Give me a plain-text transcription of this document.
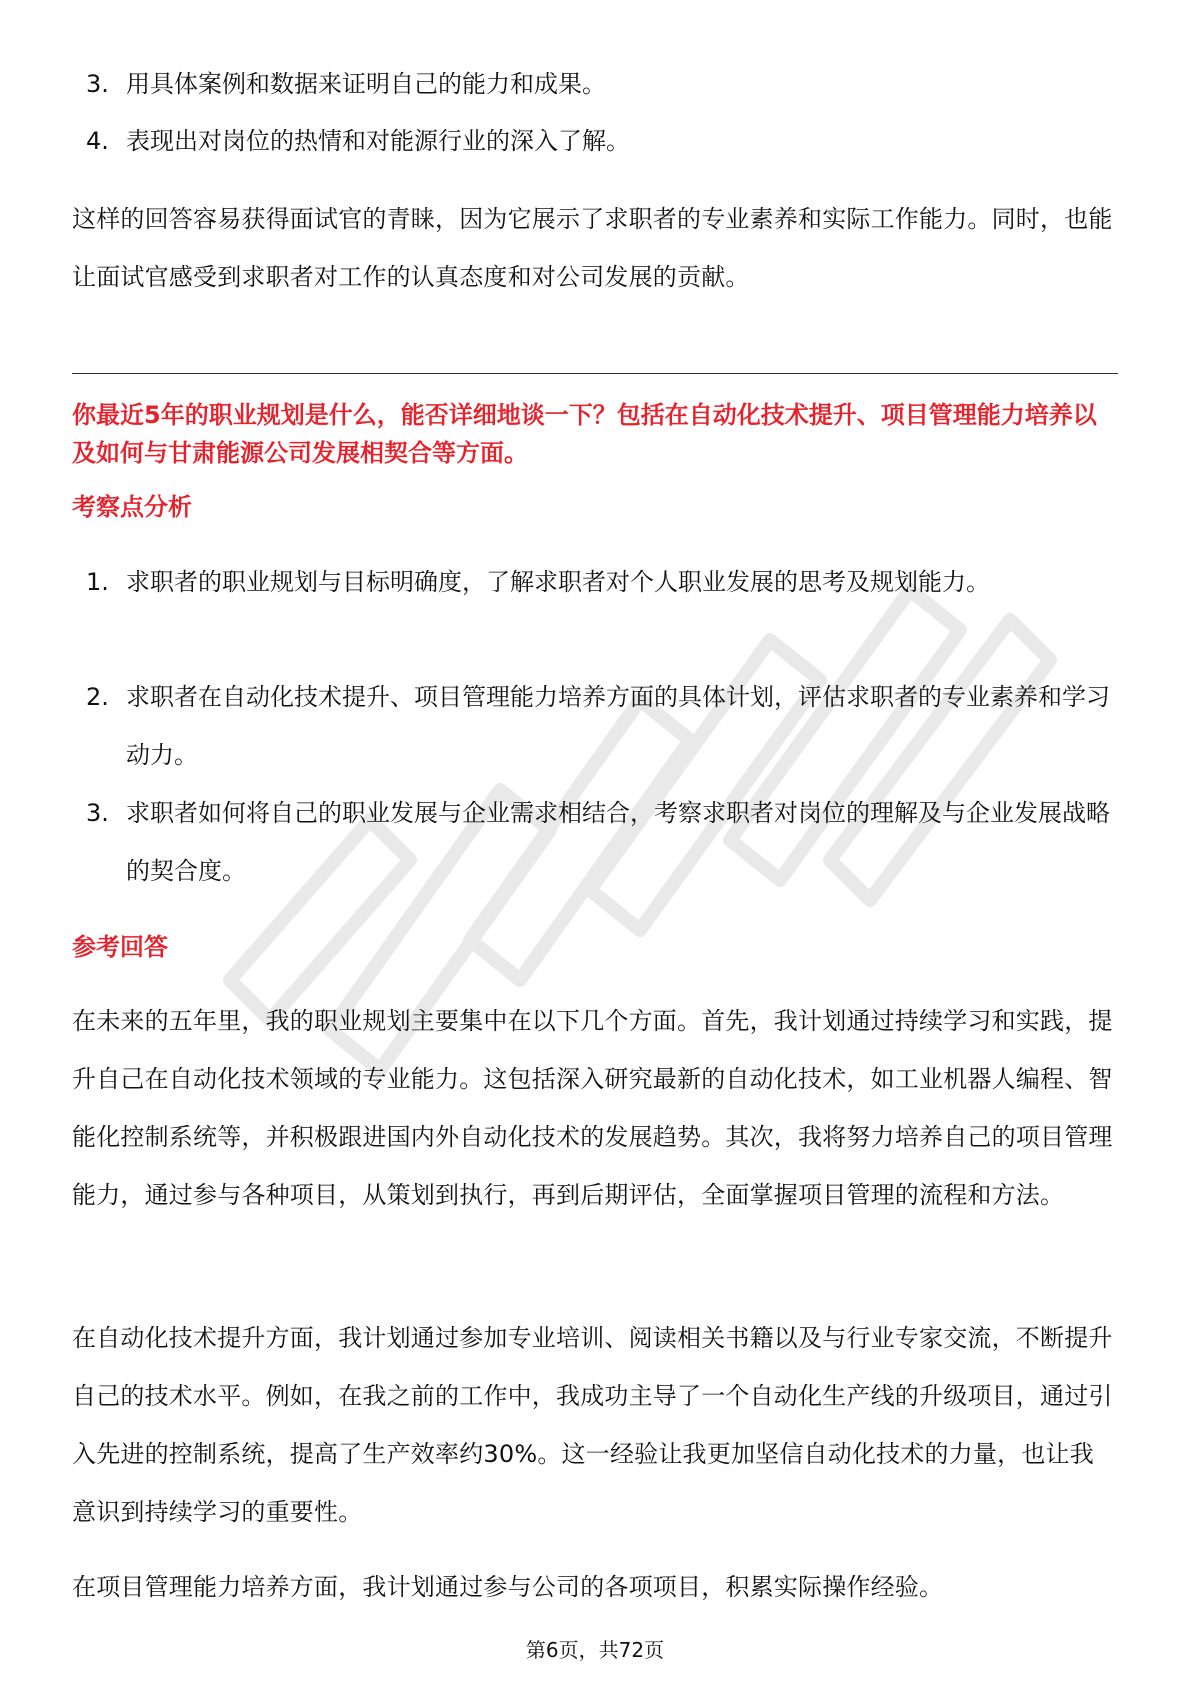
3. 用具体案例和数据来证明自己的能力和成果。
4. 表现出对岗位的热情和对能源行业的深入了解。
这样的回答容易获得面试官的青睐，因为它展示了求职者的专业素养和实际工作能力。同时，也能让面试官感受到求职者对工作的认真态度和对公司发展的贡献。
你最近5年的职业规划是什么，能否详细地谈一下？包括在自动化技术提升、项目管理能力培养以及如何与甘肃能源公司发展相契合等方面。
考察点分析
1. 求职者的职业规划与目标明确度，了解求职者对个人职业发展的思考及规划能力。
2. 求职者在自动化技术提升、项目管理能力培养方面的具体计划，评估求职者的专业素养和学习动力。
3. 求职者如何将自己的职业发展与企业需求相结合，考察求职者对岗位的理解及与企业发展战略的契合度。
参考回答
在未来的五年里，我的职业规划主要集中在以下几个方面。首先，我计划通过持续学习和实践，提升自己在自动化技术领域的专业能力。这包括深入研究最新的自动化技术，如工业机器人编程、智能化控制系统等，并积极跟进国内外自动化技术的发展趋势。其次，我将努力培养自己的项目管理能力，通过参与各种项目，从策划到执行，再到后期评估，全面掌握项目管理的流程和方法。
在自动化技术提升方面，我计划通过参加专业培训、阅读相关书籍以及与行业专家交流，不断提升自己的技术水平。例如，在我之前的工作中，我成功主导了一个自动化生产线的升级项目，通过引入先进的控制系统，提高了生产效率约30%。这一经验让我更加坚信自动化技术的力量，也让我意识到持续学习的重要性。
在项目管理能力培养方面，我计划通过参与公司的各项项目，积累实际操作经验。
第6页，共72页
